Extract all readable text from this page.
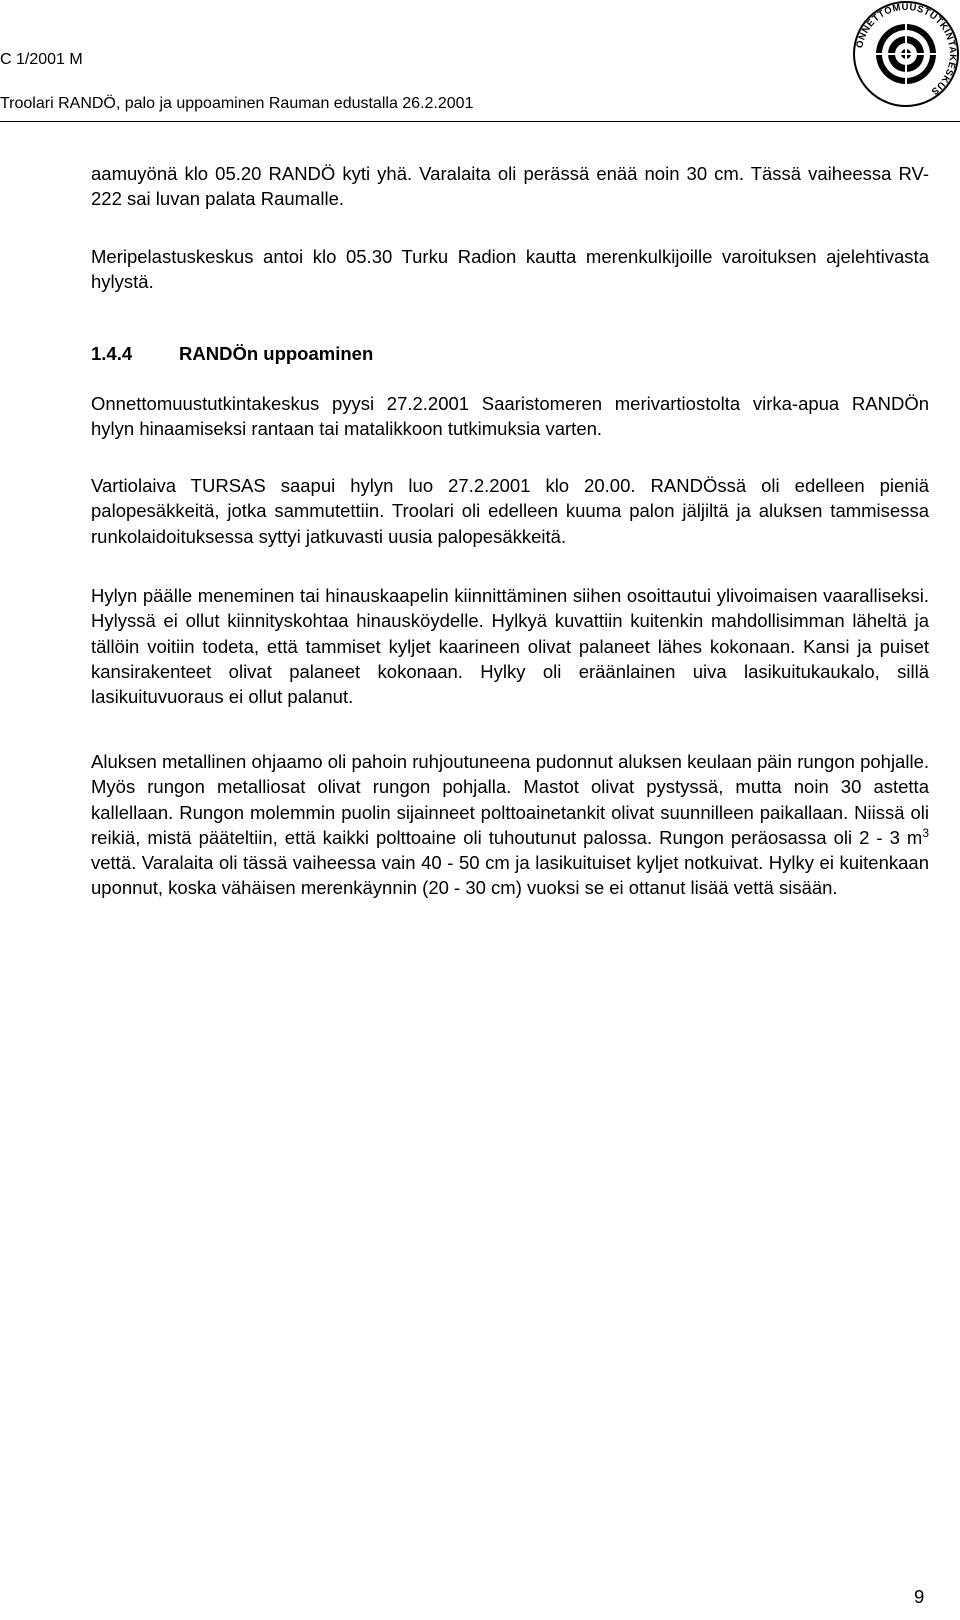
C 1/2001 M
Troolari RANDÖ, palo ja uppoaminen Rauman edustalla 26.2.2001
ONNETTOMUUSTUTKINTAKESKUS

aamuyönä klo 05.20 RANDÖ kyti yhä. Varalaita oli perässä enää noin 30 cm. Tässä vaiheessa RV-222 sai luvan palata Raumalle.

Meripelastuskeskus antoi klo 05.30 Turku Radion kautta merenkulkijoille varoituksen ajelehtivasta hylystä.

1.4.4	RANDÖn uppoaminen

Onnettomuustutkintakeskus pyysi 27.2.2001 Saaristomeren merivartiostolta virka-apua RANDÖn hylyn hinaamiseksi rantaan tai matalikkoon tutkimuksia varten.

Vartiolaiva TURSAS saapui hylyn luo 27.2.2001 klo 20.00. RANDÖssä oli edelleen pieniä palopesäkkeitä, jotka sammutettiin. Troolari oli edelleen kuuma palon jäljiltä ja aluksen tammisessa runkolaidoituksessa syttyi jatkuvasti uusia palopesäkkeitä.

Hylyn päälle meneminen tai hinauskaapelin kiinnittäminen siihen osoittautui ylivoimaisen vaaralliseksi. Hylyssä ei ollut kiinnityskohtaa hinausköydelle. Hylkyä kuvattiin kuitenkin mahdollisimman läheltä ja tällöin voitiin todeta, että tammiset kyljet kaarineen olivat palaneet lähes kokonaan. Kansi ja puiset kansirakenteet olivat palaneet kokonaan. Hylky oli eräänlainen uiva lasikuitukaukalo, sillä lasikuituvuoraus ei ollut palanut.

Aluksen metallinen ohjaamo oli pahoin ruhjoutuneena pudonnut aluksen keulaan päin rungon pohjalle. Myös rungon metalliosat olivat rungon pohjalla. Mastot olivat pystyssä, mutta noin 30 astetta kallellaan. Rungon molemmin puolin sijainneet polttoainetankit olivat suunnilleen paikallaan. Niissä oli reikiä, mistä pääteltiin, että kaikki polttoaine oli tuhoutunut palossa. Rungon peräosassa oli 2 - 3 $m^3$ vettä. Varalaita oli tässä vaiheessa vain 40 - 50 cm ja lasikuituiset kyljet notkuivat. Hylky ei kuitenkaan uponnut, koska vähäisen merenkäynnin (20 - 30 cm) vuoksi se ei ottanut lisää vettä sisään.

9
